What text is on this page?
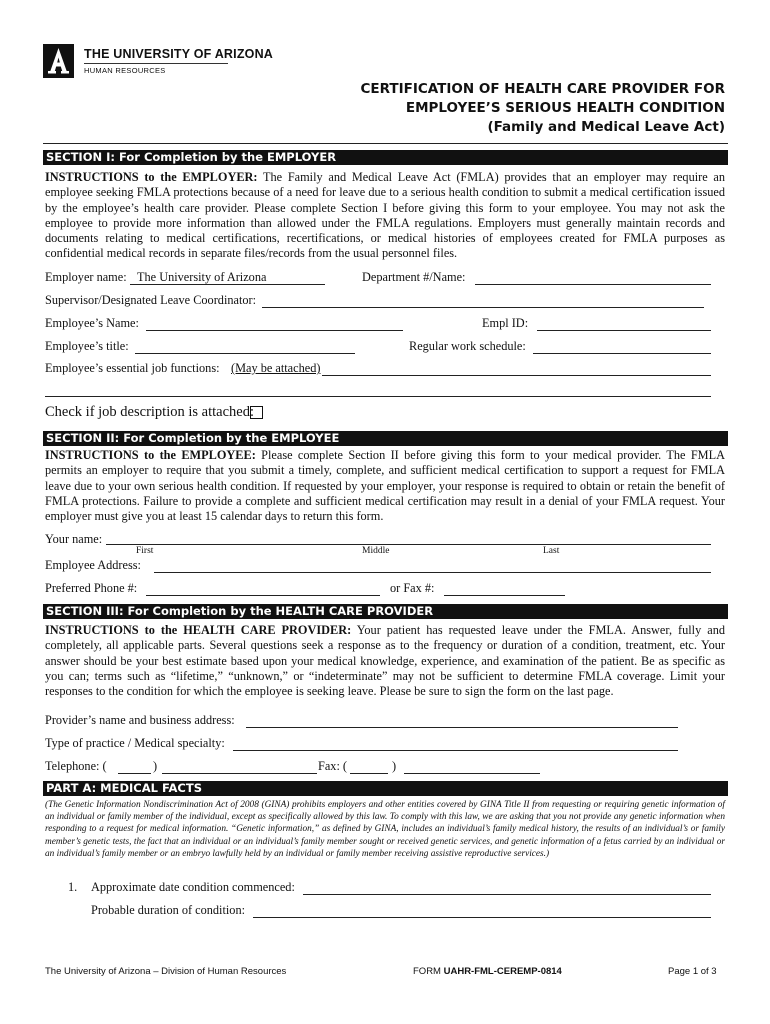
THE UNIVERSITY OF ARIZONA
HUMAN RESOURCES
CERTIFICATION OF HEALTH CARE PROVIDER FOR
EMPLOYEE’S SERIOUS HEALTH CONDITION
(Family and Medical Leave Act)
SECTION I: For Completion by the EMPLOYER
INSTRUCTIONS to the EMPLOYER: The Family and Medical Leave Act (FMLA) provides that an employer may require an employee seeking FMLA protections because of a need for leave due to a serious health condition to submit a medical certification issued by the employee’s health care provider. Please complete Section I before giving this form to your employee. You may not ask the employee to provide more information than allowed under the FMLA regulations. Employers must generally maintain records and documents relating to medical certifications, recertifications, or medical histories of employees created for FMLA purposes as confidential medical records in separate files/records from the usual personnel files.
Employer name: The University of Arizona	Department #/Name:
Supervisor/Designated Leave Coordinator:
Employee’s Name:	Empl ID:
Employee’s title:	Regular work schedule:
Employee’s essential job functions: (May be attached)
Check if job description is attached:
SECTION II: For Completion by the EMPLOYEE
INSTRUCTIONS to the EMPLOYEE: Please complete Section II before giving this form to your medical provider. The FMLA permits an employer to require that you submit a timely, complete, and sufficient medical certification to support a request for FMLA leave due to your own serious health condition. If requested by your employer, your response is required to obtain or retain the benefit of FMLA protections. Failure to provide a complete and sufficient medical certification may result in a denial of your FMLA request. Your employer must give you at least 15 calendar days to return this form.
Your name:
First	Middle	Last
Employee Address:
Preferred Phone #:	or Fax #:
SECTION III: For Completion by the HEALTH CARE PROVIDER
INSTRUCTIONS to the HEALTH CARE PROVIDER: Your patient has requested leave under the FMLA. Answer, fully and completely, all applicable parts. Several questions seek a response as to the frequency or duration of a condition, treatment, etc. Your answer should be your best estimate based upon your medical knowledge, experience, and examination of the patient. Be as specific as you can; terms such as “lifetime,” “unknown,” or “indeterminate” may not be sufficient to determine FMLA coverage. Limit your responses to the condition for which the employee is seeking leave. Please be sure to sign the form on the last page.
Provider’s name and business address:
Type of practice / Medical specialty:
Telephone: (	)	Fax: (	)
PART A: MEDICAL FACTS
(The Genetic Information Nondiscrimination Act of 2008 (GINA) prohibits employers and other entities covered by GINA Title II from requesting or requiring genetic information of an individual or family member of the individual, except as specifically allowed by this law. To comply with this law, we are asking that you not provide any genetic information when responding to a request for medical information. “Genetic information,” as defined by GINA, includes an individual’s family medical history, the results of an individual’s or family member’s genetic tests, the fact that an individual or an individual’s family member sought or received genetic services, and genetic information of a fetus carried by an individual or an individual’s family member or an embryo lawfully held by an individual or family member receiving assistive reproductive services.)
1. Approximate date condition commenced:
Probable duration of condition:
The University of Arizona – Division of Human Resources	FORM UAHR-FML-CEREMP-0814	Page 1 of 3
